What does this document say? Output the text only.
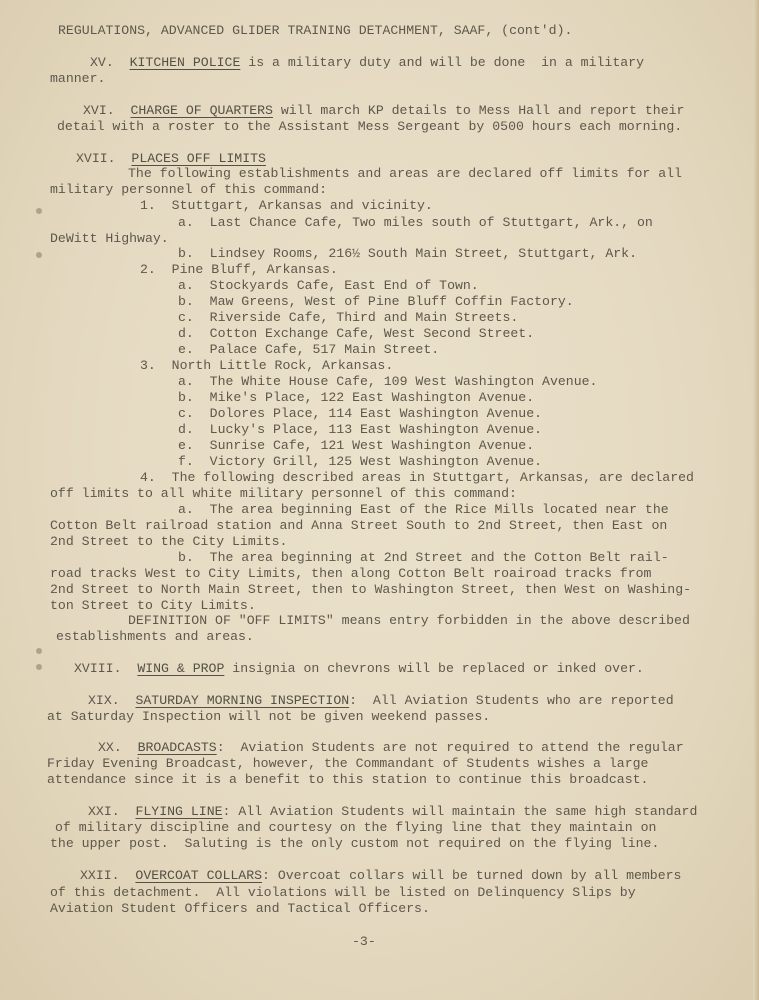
REGULATIONS, ADVANCED GLIDER TRAINING DETACHMENT, SAAF, (cont'd).
-3-
XV.  KITCHEN POLICE is a military duty and will be done  in a military
manner.
XVI.  CHARGE OF QUARTERS will march KP details to Mess Hall and report their
detail with a roster to the Assistant Mess Sergeant by 0500 hours each morning.
XVII.  PLACES OFF LIMITS
The following establishments and areas are declared off limits for all
military personnel of this command:
1.  Stuttgart, Arkansas and vicinity.
a.  Last Chance Cafe, Two miles south of Stuttgart, Ark., on
DeWitt Highway.
b.  Lindsey Rooms, 216½ South Main Street, Stuttgart, Ark.
2.  Pine Bluff, Arkansas.
a.  Stockyards Cafe, East End of Town.
b.  Maw Greens, West of Pine Bluff Coffin Factory.
c.  Riverside Cafe, Third and Main Streets.
d.  Cotton Exchange Cafe, West Second Street.
e.  Palace Cafe, 517 Main Street.
3.  North Little Rock, Arkansas.
a.  The White House Cafe, 109 West Washington Avenue.
b.  Mike's Place, 122 East Washington Avenue.
c.  Dolores Place, 114 East Washington Avenue.
d.  Lucky's Place, 113 East Washington Avenue.
e.  Sunrise Cafe, 121 West Washington Avenue.
f.  Victory Grill, 125 West Washington Avenue.
4.  The following described areas in Stuttgart, Arkansas, are declared
off limits to all white military personnel of this command:
a.  The area beginning East of the Rice Mills located near the
Cotton Belt railroad station and Anna Street South to 2nd Street, then East on
2nd Street to the City Limits.
b.  The area beginning at 2nd Street and the Cotton Belt rail-
road tracks West to City Limits, then along Cotton Belt roairoad tracks from
2nd Street to North Main Street, then to Washington Street, then West on Washing-
ton Street to City Limits.
DEFINITION OF "OFF LIMITS" means entry forbidden in the above described
establishments and areas.
XVIII.  WING & PROP insignia on chevrons will be replaced or inked over.
XIX.  SATURDAY MORNING INSPECTION:  All Aviation Students who are reported
at Saturday Inspection will not be given weekend passes.
XX.  BROADCASTS:  Aviation Students are not required to attend the regular
Friday Evening Broadcast, however, the Commandant of Students wishes a large
attendance since it is a benefit to this station to continue this broadcast.
XXI.  FLYING LINE: All Aviation Students will maintain the same high standard
of military discipline and courtesy on the flying line that they maintain on
the upper post.  Saluting is the only custom not required on the flying line.
XXII.  OVERCOAT COLLARS: Overcoat collars will be turned down by all members
of this detachment.  All violations will be listed on Delinquency Slips by
Aviation Student Officers and Tactical Officers.
